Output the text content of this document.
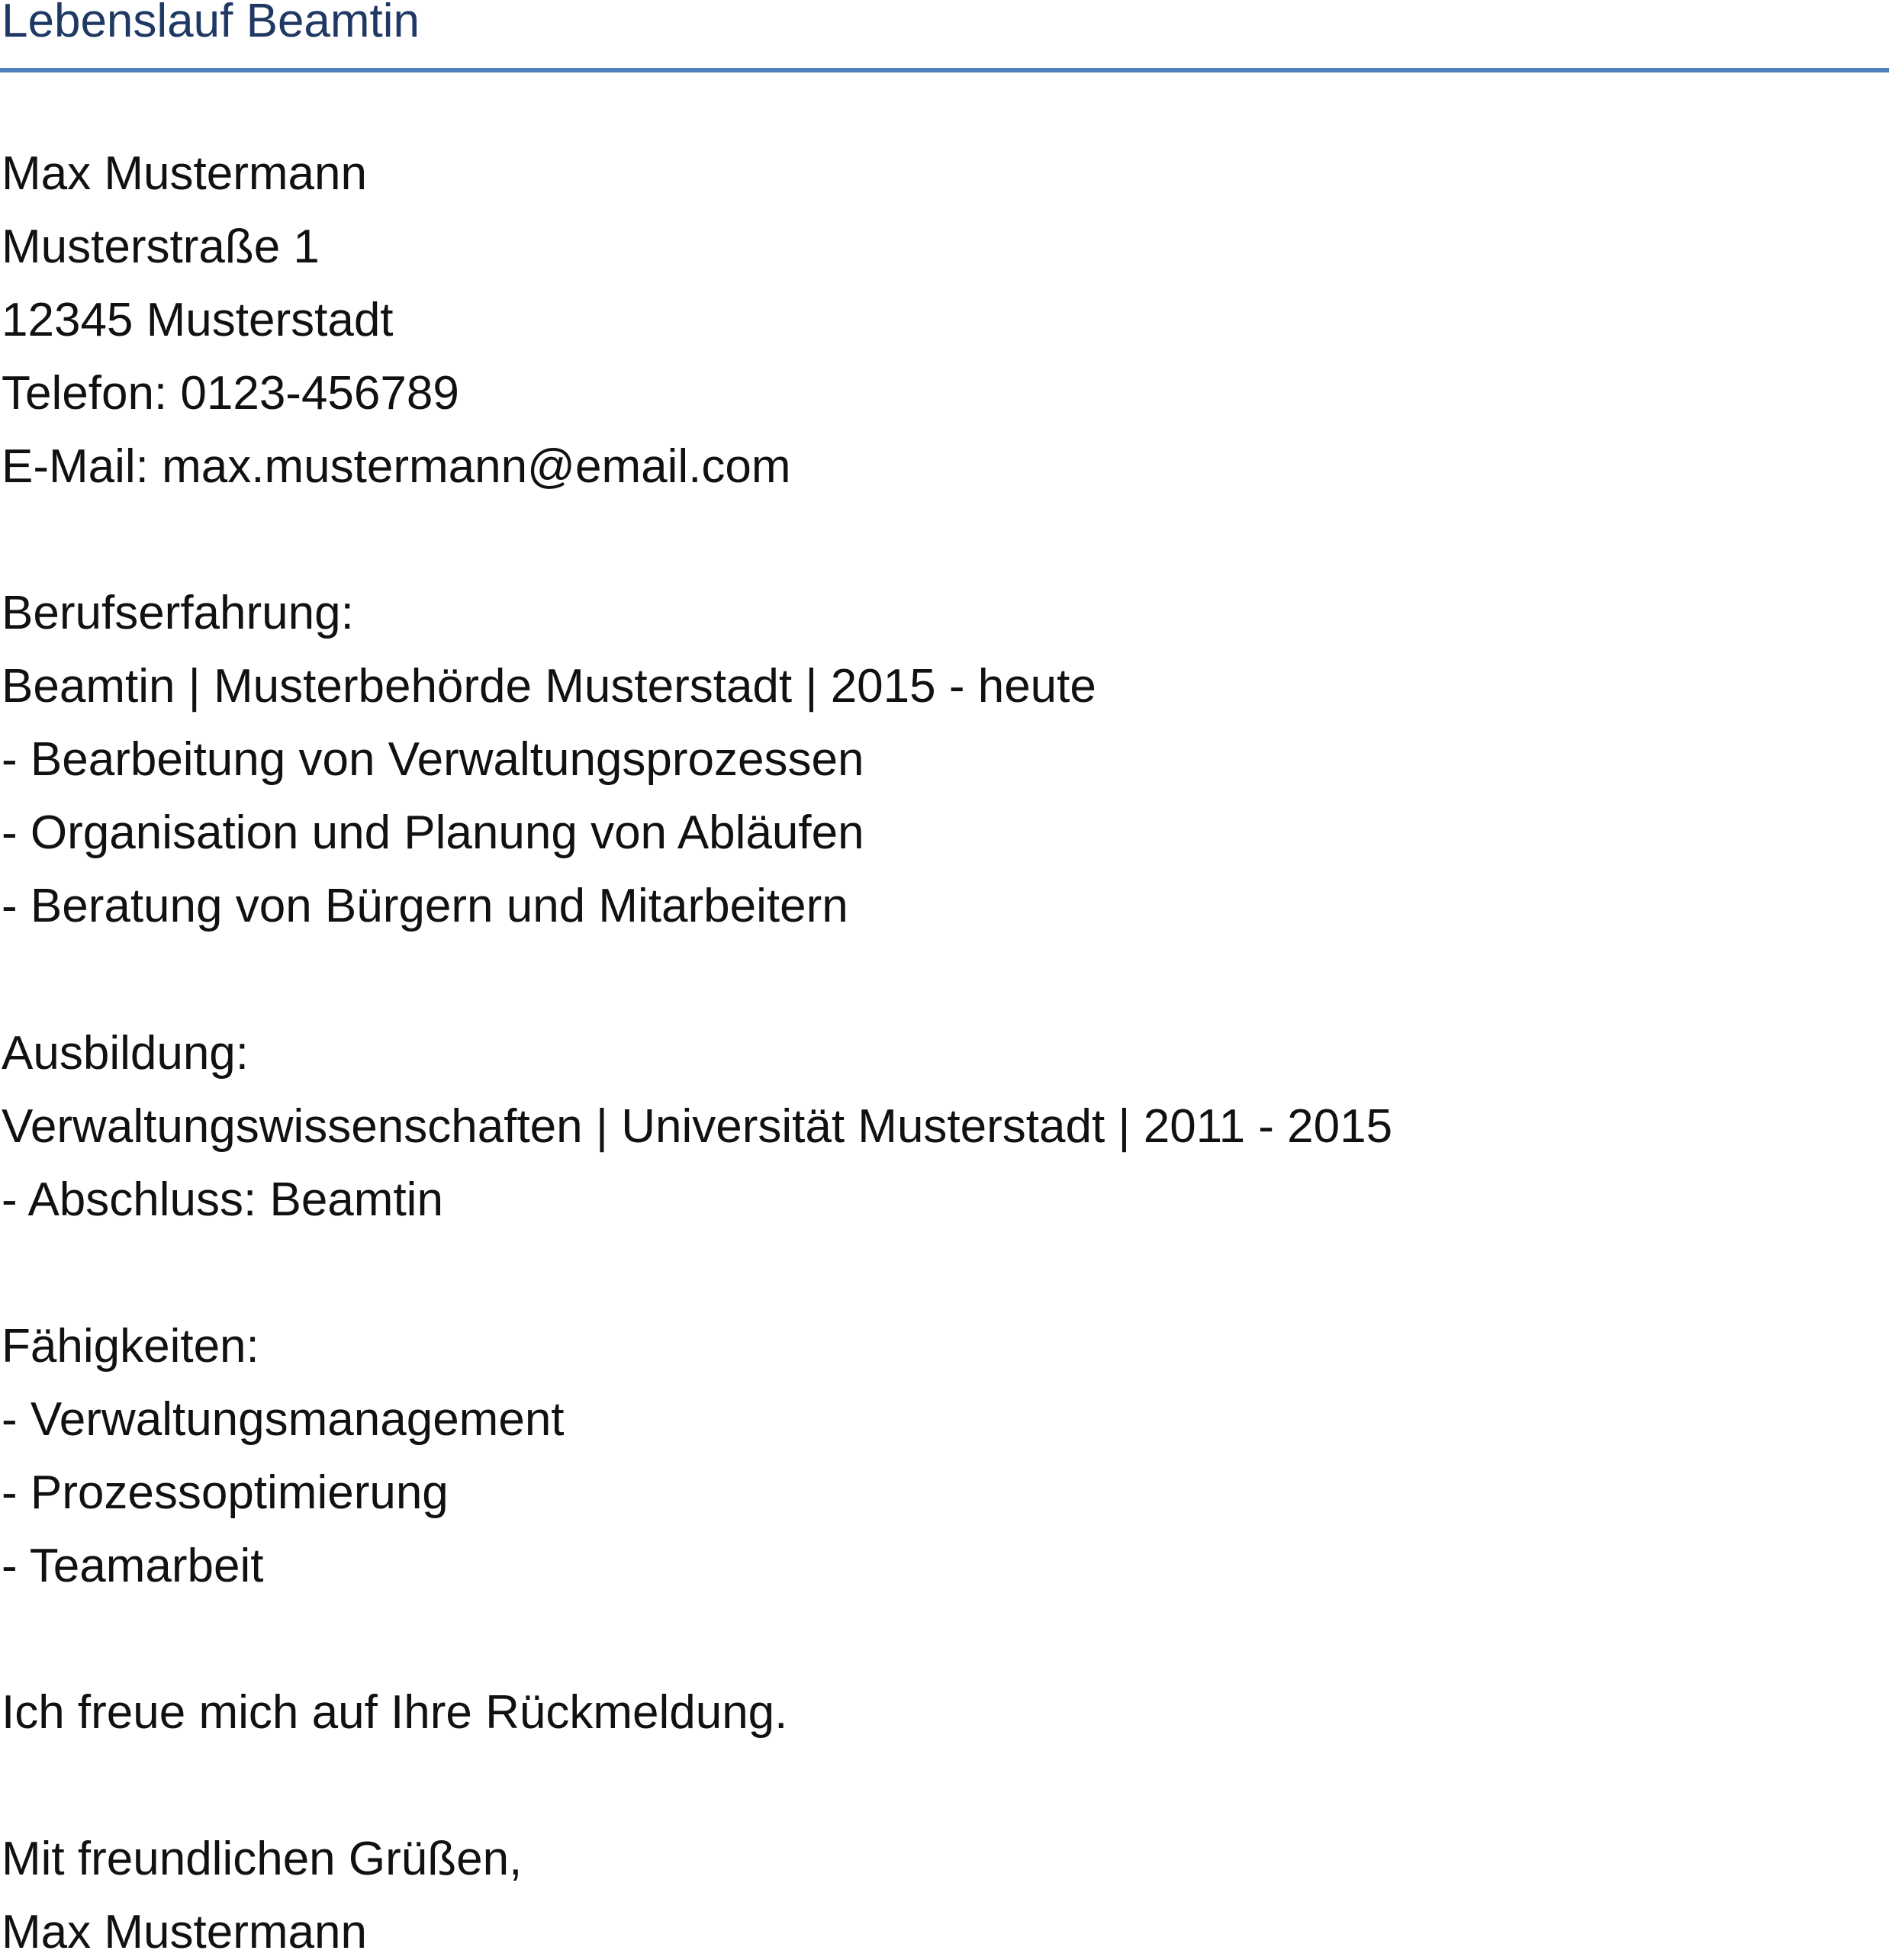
Lebenslauf Beamtin
Max Mustermann
Musterstraße 1
12345 Musterstadt
Telefon: 0123-456789
E-Mail: max.mustermann@email.com
Berufserfahrung:
Beamtin | Musterbehörde Musterstadt | 2015 - heute
- Bearbeitung von Verwaltungsprozessen
- Organisation und Planung von Abläufen
- Beratung von Bürgern und Mitarbeitern
Ausbildung:
Verwaltungswissenschaften | Universität Musterstadt | 2011 - 2015
- Abschluss: Beamtin
Fähigkeiten:
- Verwaltungsmanagement
- Prozessoptimierung
- Teamarbeit
Ich freue mich auf Ihre Rückmeldung.
Mit freundlichen Grüßen,
Max Mustermann
